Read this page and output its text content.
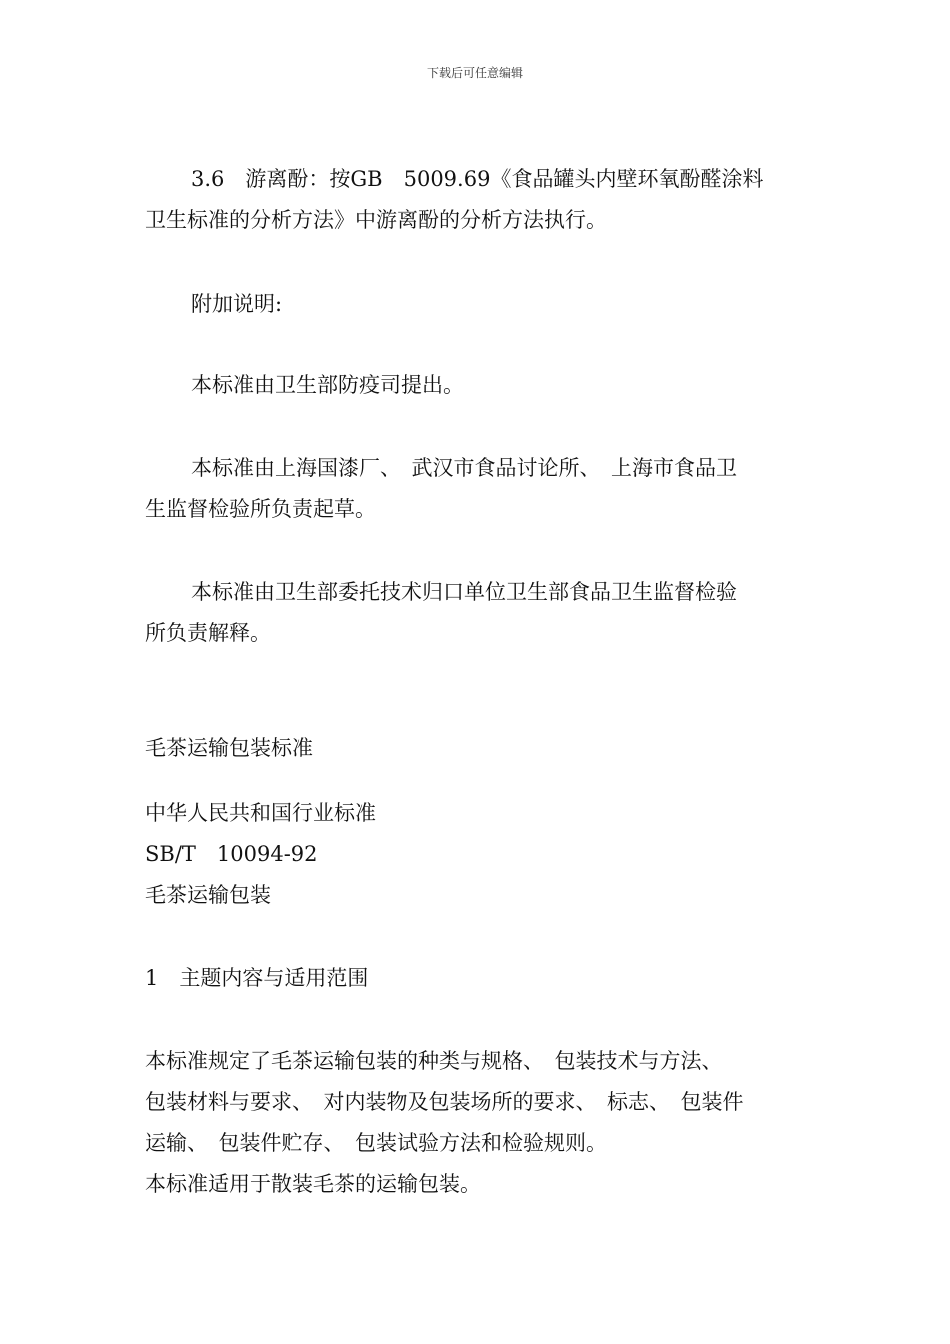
下载后可任意编辑
3.6　游离酚：按GB　5009.69《食品罐头内壁环氧酚醛涂料
卫生标准的分析方法》中游离酚的分析方法执行。
附加说明:
本标准由卫生部防疫司提出。
本标准由上海国漆厂、　武汉市食品讨论所、　上海市食品卫
生监督检验所负责起草。
本标准由卫生部委托技术归口单位卫生部食品卫生监督检验
所负责解释。
毛茶运输包装标准
中华人民共和国行业标准
SB/T　10094-92
毛茶运输包装
1　主题内容与适用范围
本标准规定了毛茶运输包装的种类与规格、　包装技术与方法、
包装材料与要求、　对内装物及包装场所的要求、　标志、　包装件
运输、　包装件贮存、　包装试验方法和检验规则。
本标准适用于散装毛茶的运输包装。
